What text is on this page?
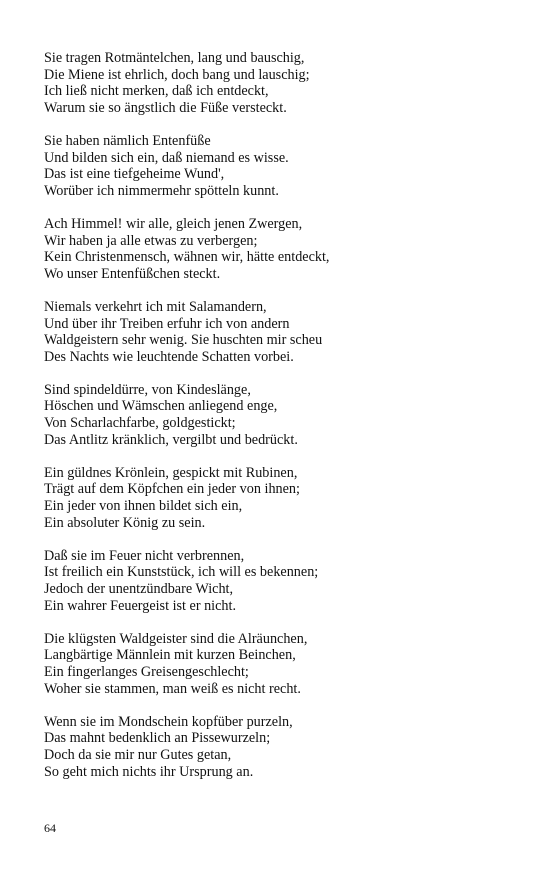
Sie tragen Rotmäntelchen, lang und bauschig,
Die Miene ist ehrlich, doch bang und lauschig;
Ich ließ nicht merken, daß ich entdeckt,
Warum sie so ängstlich die Füße versteckt.
Sie haben nämlich Entenfüße
Und bilden sich ein, daß niemand es wisse.
Das ist eine tiefgeheime Wund',
Worüber ich nimmermehr spötteln kunnt.
Ach Himmel! wir alle, gleich jenen Zwergen,
Wir haben ja alle etwas zu verbergen;
Kein Christenmensch, wähnen wir, hätte entdeckt,
Wo unser Entenfüßchen steckt.
Niemals verkehrt ich mit Salamandern,
Und über ihr Treiben erfuhr ich von andern
Waldgeistern sehr wenig. Sie huschten mir scheu
Des Nachts wie leuchtende Schatten vorbei.
Sind spindeldürre, von Kindeslänge,
Höschen und Wämschen anliegend enge,
Von Scharlachfarbe, goldgestickt;
Das Antlitz kränklich, vergilbt und bedrückt.
Ein güldnes Krönlein, gespickt mit Rubinen,
Trägt auf dem Köpfchen ein jeder von ihnen;
Ein jeder von ihnen bildet sich ein,
Ein absoluter König zu sein.
Daß sie im Feuer nicht verbrennen,
Ist freilich ein Kunststück, ich will es bekennen;
Jedoch der unentzündbare Wicht,
Ein wahrer Feuergeist ist er nicht.
Die klügsten Waldgeister sind die Alräunchen,
Langbärtige Männlein mit kurzen Beinchen,
Ein fingerlanges Greisengeschlecht;
Woher sie stammen, man weiß es nicht recht.
Wenn sie im Mondschein kopfüber purzeln,
Das mahnt bedenklich an Pissewurzeln;
Doch da sie mir nur Gutes getan,
So geht mich nichts ihr Ursprung an.
64
